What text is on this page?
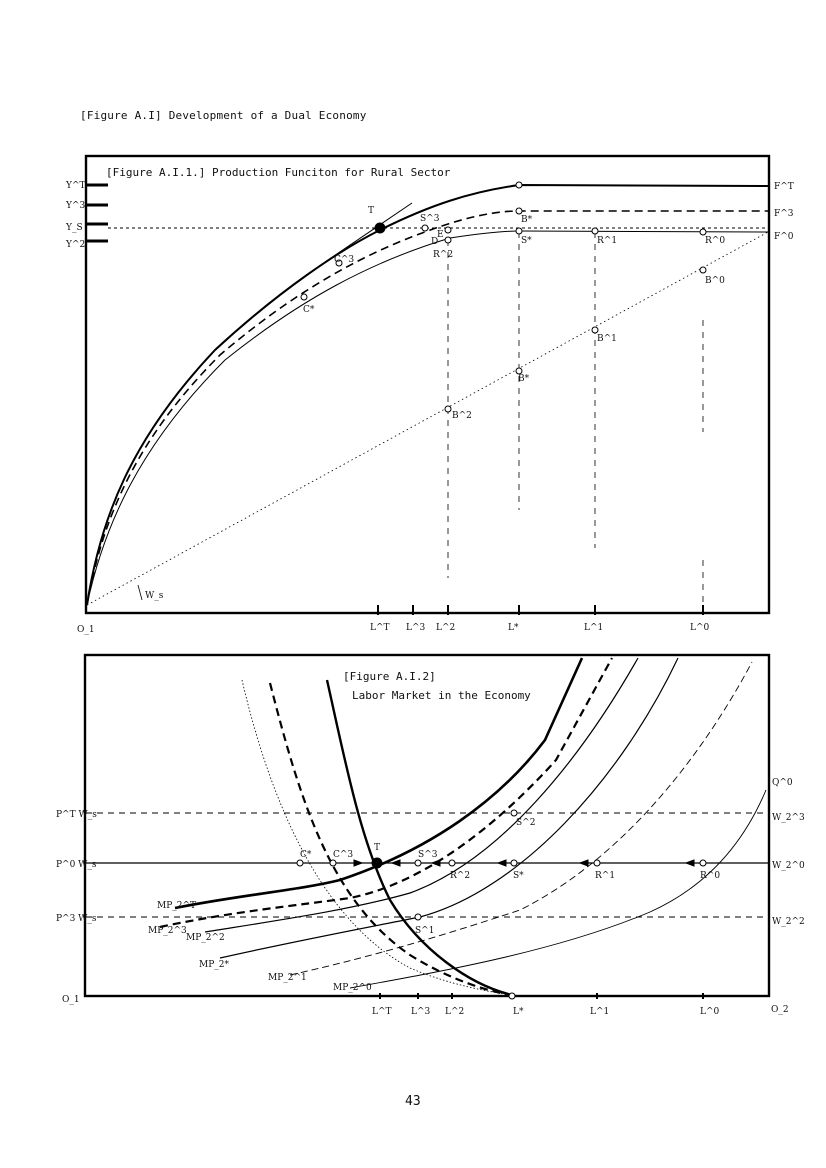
[Figure A.I] Development of a Dual Economy
[Figure A.I.1.] Production Funciton for Rural Sector
Y^T
Y^3
Y_S
Y^2
F^T
F^3
F^0
W_s
T
B*
S*
S^3
E
D
R^2
R^1	R^0
C^3
C*
B^0
B^1
B*
B^2
L^T L^3 L^2	L*	L^1	L^0
O_1
[Figure A.I.2]
Labor Market in the Economy
P^T W_s
P^0 W_s
P^3 W_s
Q^0
W_2^3
W_2^0
W_2^2
MP_2^T
MP_2^3
MP_2^2
MP_2*
MP_2^1
MP_2^0
C* C^3
T
S^3
R^2	S*	R^1	R^0
S^1
S^2
L^T L^3 L^2	L*	L^1	L^0
O_1
O_2
43
